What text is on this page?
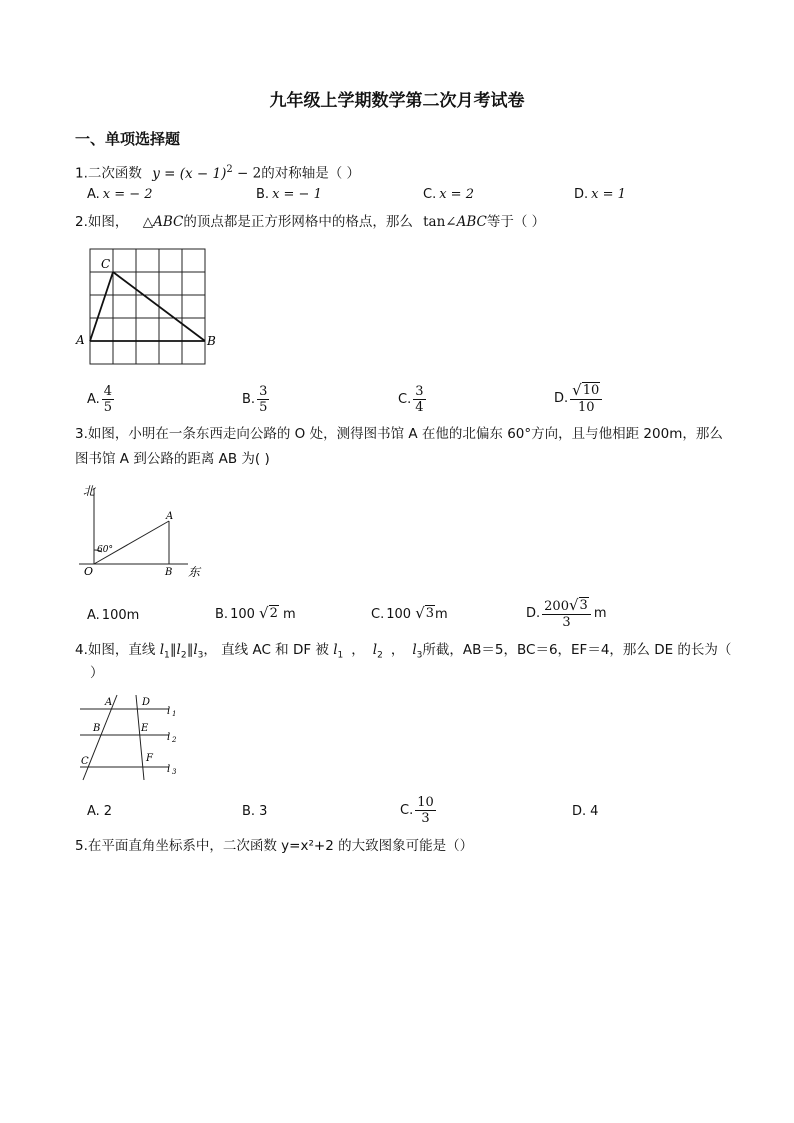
九年级上学期数学第二次月考试卷
一、单项选择题
1.二次函数 $y = (x - 1)^2 - 2$的对称轴是（ ）
A. x = − 2	B. x = − 1	C. x = 2	D. x = 1
2.如图， △ABC的顶点都是正方形网格中的格点，那么 tan∠ABC等于（ ）
A	B
C
A. $\frac{4}{5}$	B. $\frac{3}{5}$	C. $\frac{3}{4}$	D. $\frac{√ 10}{10}$
3.如图，小明在一条东西走向公路的 O 处，测得图书馆 A 在他的北偏东 60°方向，且与他相距 200m，那么
图书馆 A 到公路的距离 AB 为( )
北
东
60°
O
A
B
A. 100m	B. 100 √ 2 m	C. 100 √ 3 m	D. $\frac{200 √ 3}{3}$ m
4.如图，直线 $l_1\parallel l_2\parallel l_3$， 直线 AC 和 DF 被 $l_1$ ， $l_2$ ， $l_3$所截，AB＝5，BC＝6，EF＝4，那么 DE 的长为（
）
A
B
C
D
E
F
l 1
l 2
l 3
A. 2	B. 3	C. $\frac{10}{3}$	D. 4
5.在平面直角坐标系中，二次函数 y=x²+2 的大致图象可能是（）
